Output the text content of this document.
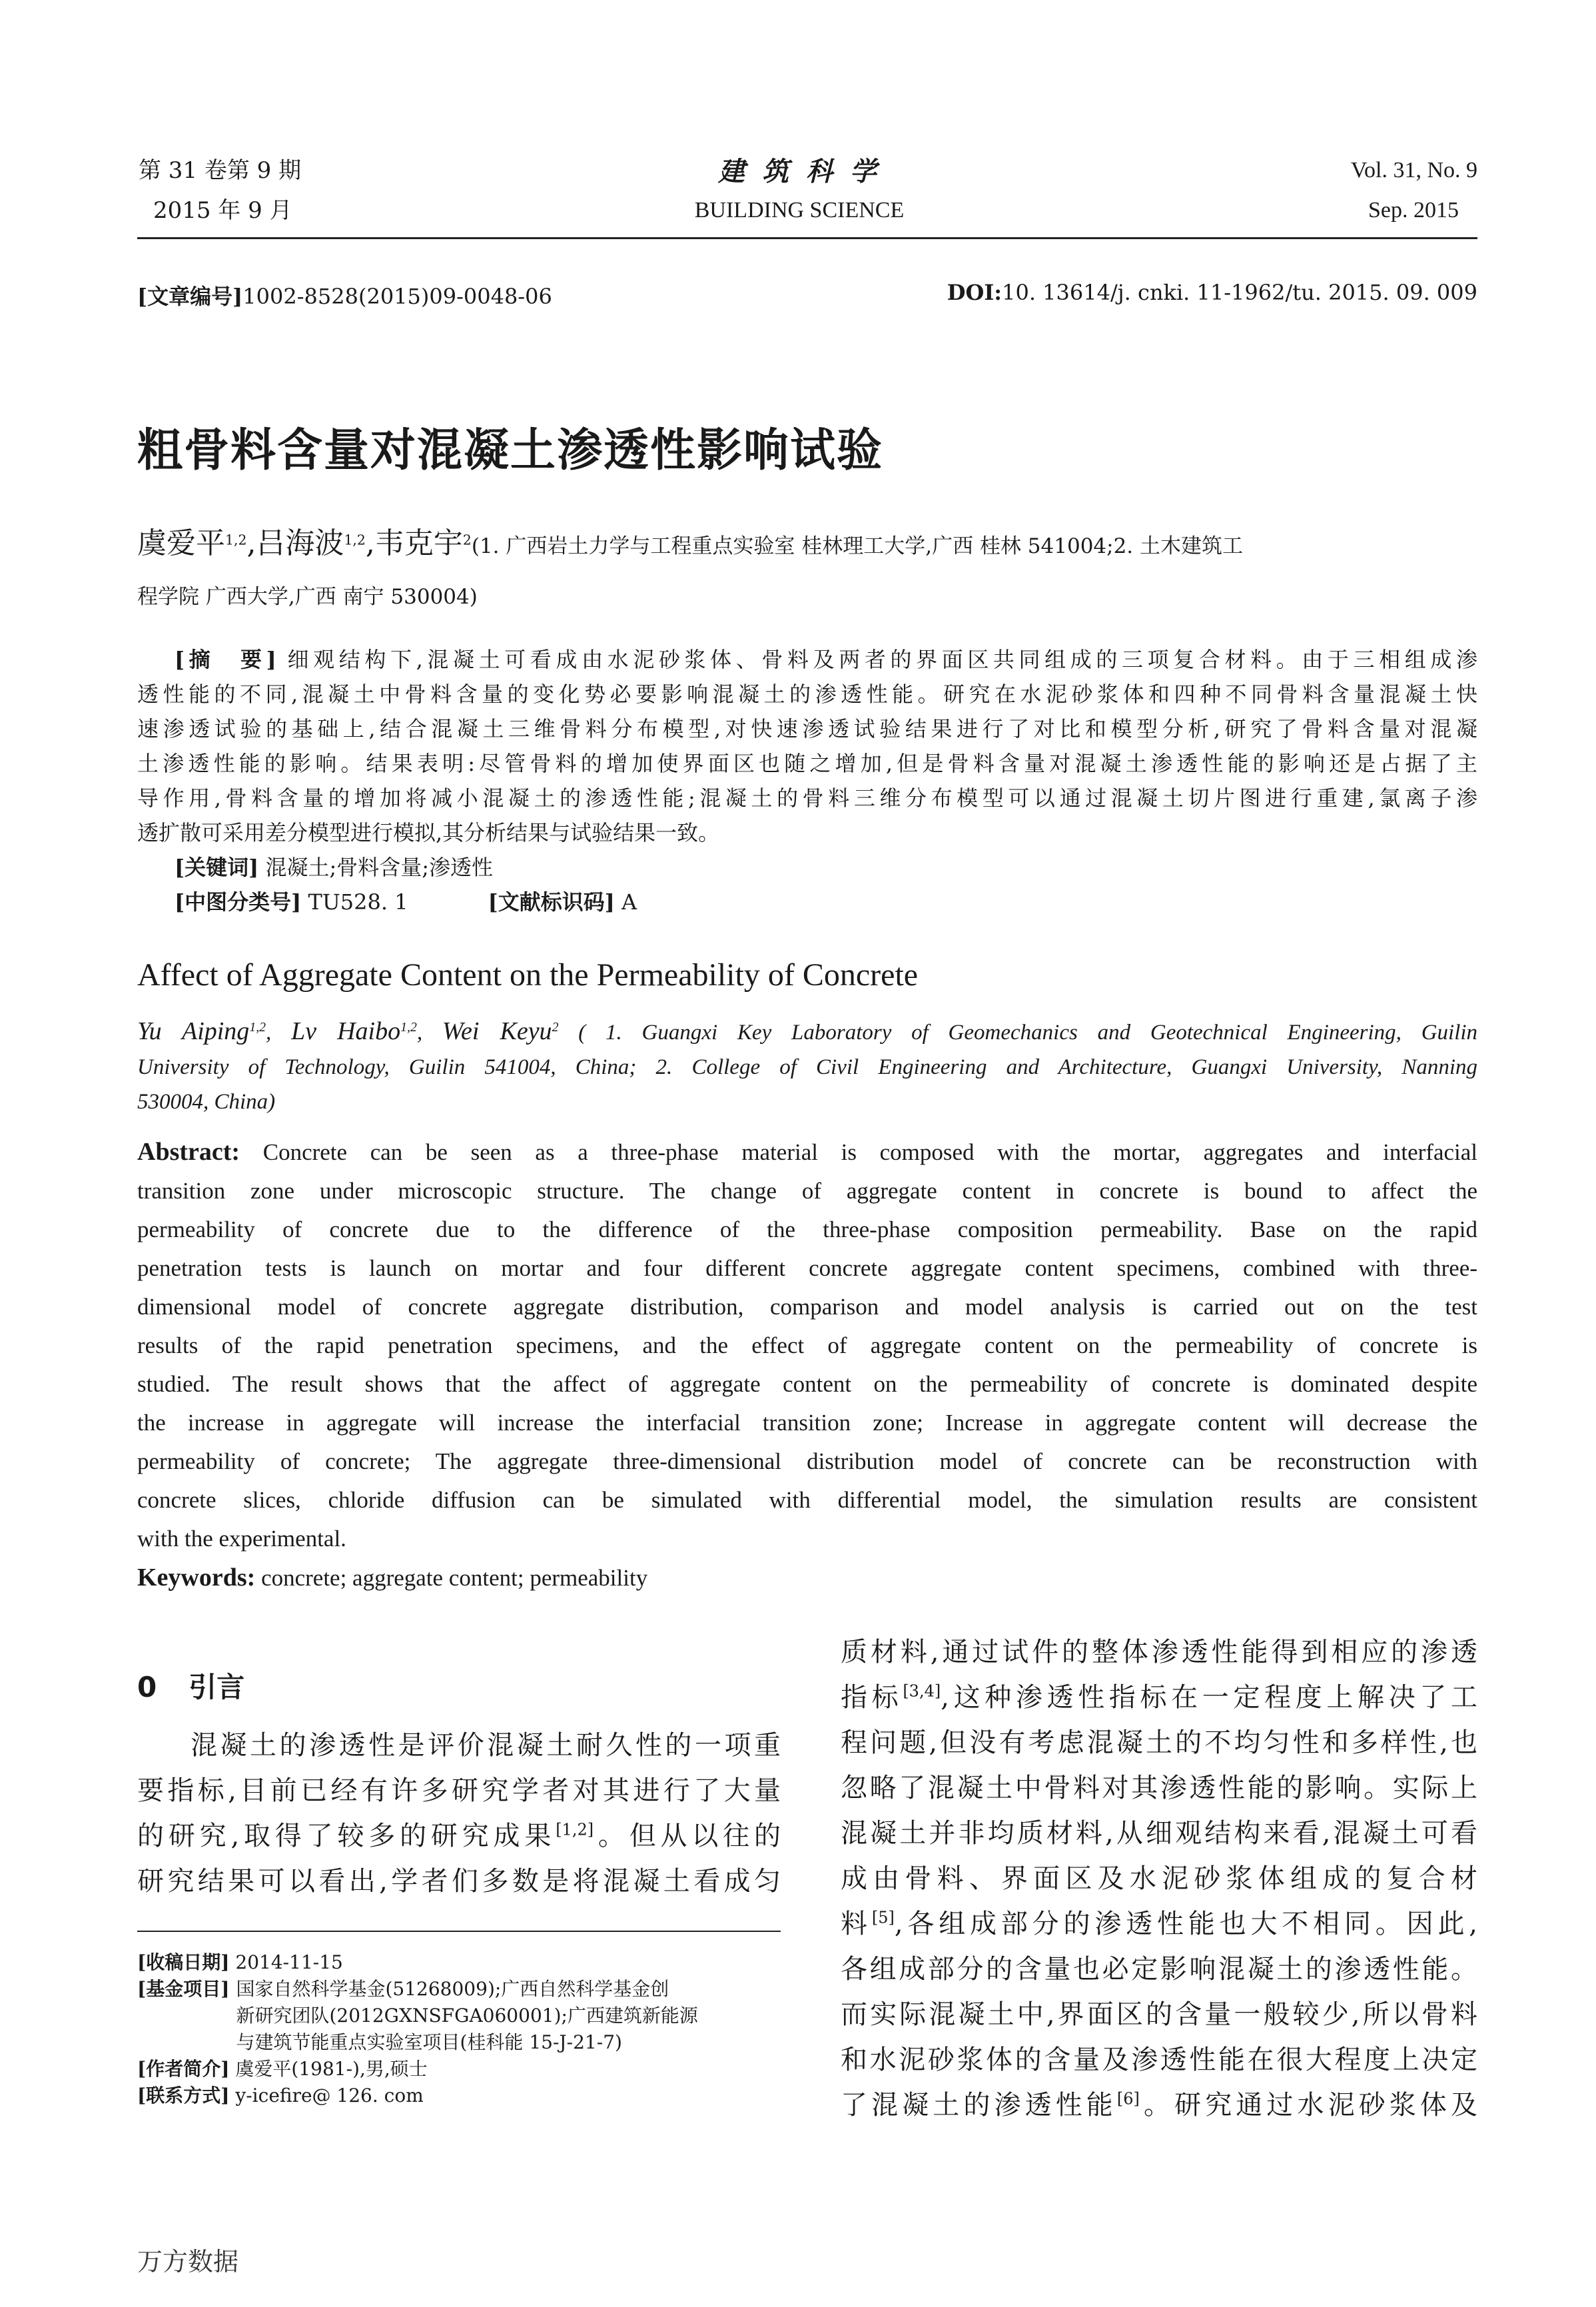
第 31 卷第 9 期
2015 年 9 月
建 筑 科 学
BUILDING SCIENCE
Vol. 31, No. 9
Sep. 2015
[文章编号]1002-8528(2015)09-0048-06	DOI:10. 13614/j. cnki. 11-1962/tu. 2015. 09. 009
粗骨料含量对混凝土渗透性影响试验
虞爱平$^{1,2}$,吕海波$^{1,2}$,韦克宇$^2$(1. 广西岩土力学与工程重点实验室 桂林理工大学,广西 桂林 541004;2. 土木建筑工
程学院 广西大学,广西 南宁 530004)
[摘　要] 细观结构下,混凝土可看成由水泥砂浆体、骨料及两者的界面区共同组成的三项复合材料。由于三相组成渗
透性能的不同,混凝土中骨料含量的变化势必要影响混凝土的渗透性能。研究在水泥砂浆体和四种不同骨料含量混凝土快
速渗透试验的基础上,结合混凝土三维骨料分布模型,对快速渗透试验结果进行了对比和模型分析,研究了骨料含量对混凝
土渗透性能的影响。结果表明:尽管骨料的增加使界面区也随之增加,但是骨料含量对混凝土渗透性能的影响还是占据了主
导作用,骨料含量的增加将减小混凝土的渗透性能;混凝土的骨料三维分布模型可以通过混凝土切片图进行重建,氯离子渗
透扩散可采用差分模型进行模拟,其分析结果与试验结果一致。
[关键词] 混凝土;骨料含量;渗透性
[中图分类号] TU528. 1	[文献标识码] A
Affect of Aggregate Content on the Permeability of Concrete
Yu Aiping$^{1,2}$, Lv Haibo$^{1,2}$, Wei Keyu$^2$ ( 1. Guangxi Key Laboratory of Geomechanics and Geotechnical Engineering, Guilin
University of Technology, Guilin 541004, China; 2. College of Civil Engineering and Architecture, Guangxi University, Nanning
530004, China)
Abstract: Concrete can be seen as a three-phase material is composed with the mortar, aggregates and interfacial
transition zone under microscopic structure. The change of aggregate content in concrete is bound to affect the
permeability of concrete due to the difference of the three-phase composition permeability. Base on the rapid
penetration tests is launch on mortar and four different concrete aggregate content specimens, combined with three-
dimensional model of concrete aggregate distribution, comparison and model analysis is carried out on the test
results of the rapid penetration specimens, and the effect of aggregate content on the permeability of concrete is
studied. The result shows that the affect of aggregate content on the permeability of concrete is dominated despite
the increase in aggregate will increase the interfacial transition zone; Increase in aggregate content will decrease the
permeability of concrete; The aggregate three-dimensional distribution model of concrete can be reconstruction with
concrete slices, chloride diffusion can be simulated with differential model, the simulation results are consistent
with the experimental.
Keywords: concrete; aggregate content; permeability
0 引言
混凝土的渗透性是评价混凝土耐久性的一项重
要指标,目前已经有许多研究学者对其进行了大量
的研究,取得了较多的研究成果[1,2]。但从以往的
研究结果可以看出,学者们多数是将混凝土看成匀
质材料,通过试件的整体渗透性能得到相应的渗透
指标[3,4],这种渗透性指标在一定程度上解决了工
程问题,但没有考虑混凝土的不均匀性和多样性,也
忽略了混凝土中骨料对其渗透性能的影响。实际上
混凝土并非均质材料,从细观结构来看,混凝土可看
成由骨料、界面区及水泥砂浆体组成的复合材
料[5],各组成部分的渗透性能也大不相同。因此,
各组成部分的含量也必定影响混凝土的渗透性能。
而实际混凝土中,界面区的含量一般较少,所以骨料
和水泥砂浆体的含量及渗透性能在很大程度上决定
了混凝土的渗透性能[6]。研究通过水泥砂浆体及
[收稿日期] 2014-11-15
[基金项目] 国家自然科学基金(51268009);广西自然科学基金创
新研究团队(2012GXNSFGA060001);广西建筑新能源
与建筑节能重点实验室项目(桂科能 15-J-21-7)
[作者简介] 虞爱平(1981-),男,硕士
[联系方式] y-icefire@ 126. com
万方数据
